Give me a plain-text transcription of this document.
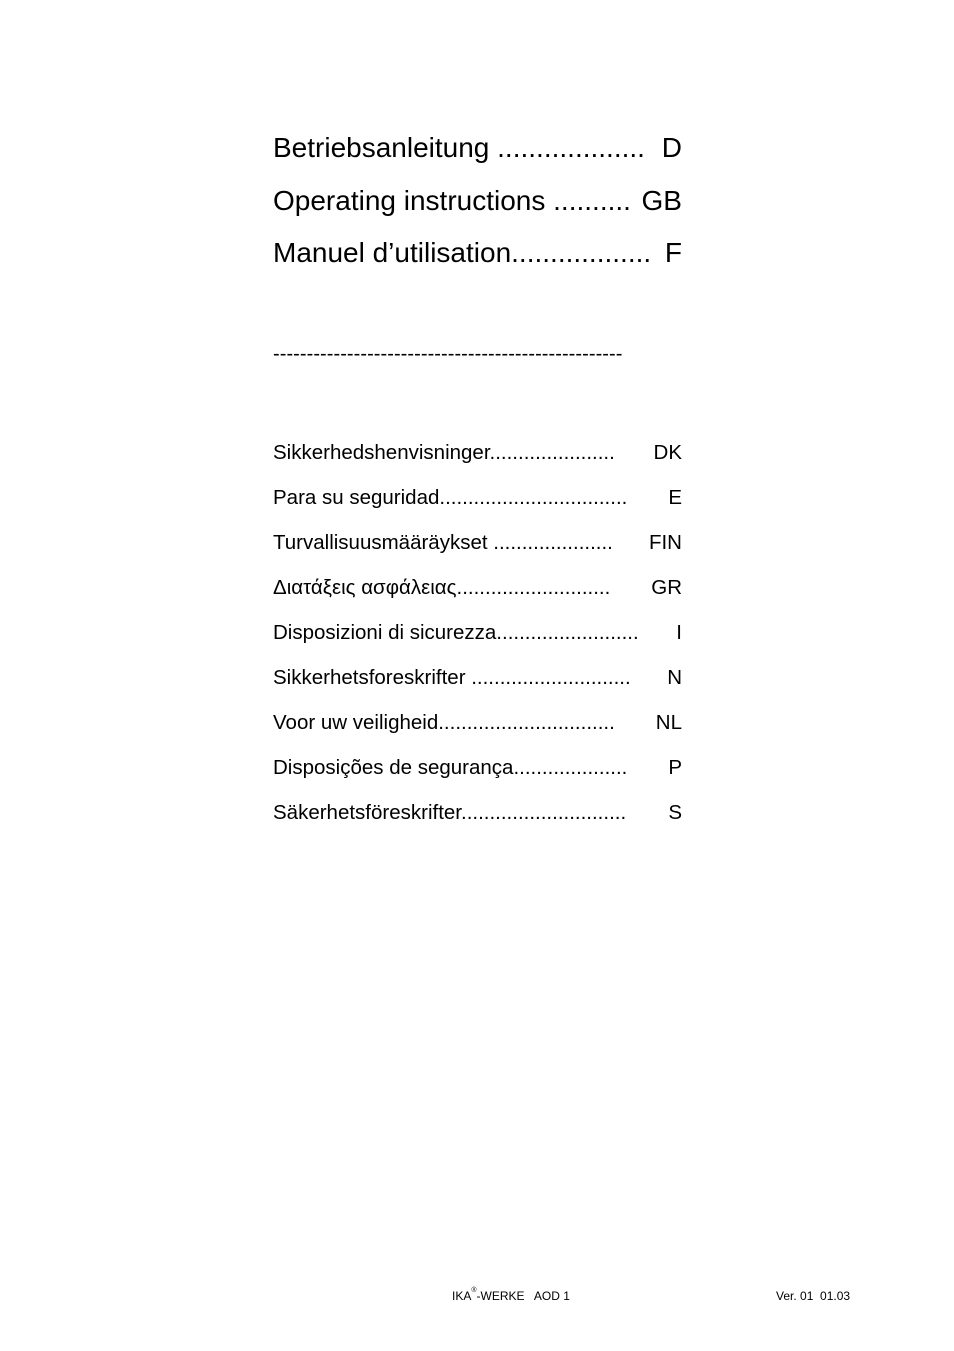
Betriebsanleitung ................... D
Operating instructions .......... GB
Manuel d’utilisation.................. F
----------------------------------------------------
Sikkerhedshenvisninger...................... DK
Para su seguridad................................. E
Turvallisuusmääräykset ..................... FIN
Διατάξεις ασφάλειας........................... GR
Disposizioni di sicurezza......................... I
Sikkerhetsforeskrifter ............................ N
Voor uw veiligheid............................... NL
Disposições de segurança.................... P
Säkerhetsföreskrifter............................. S
IKA®-WERKE   AOD 1	Ver. 01  01.03
